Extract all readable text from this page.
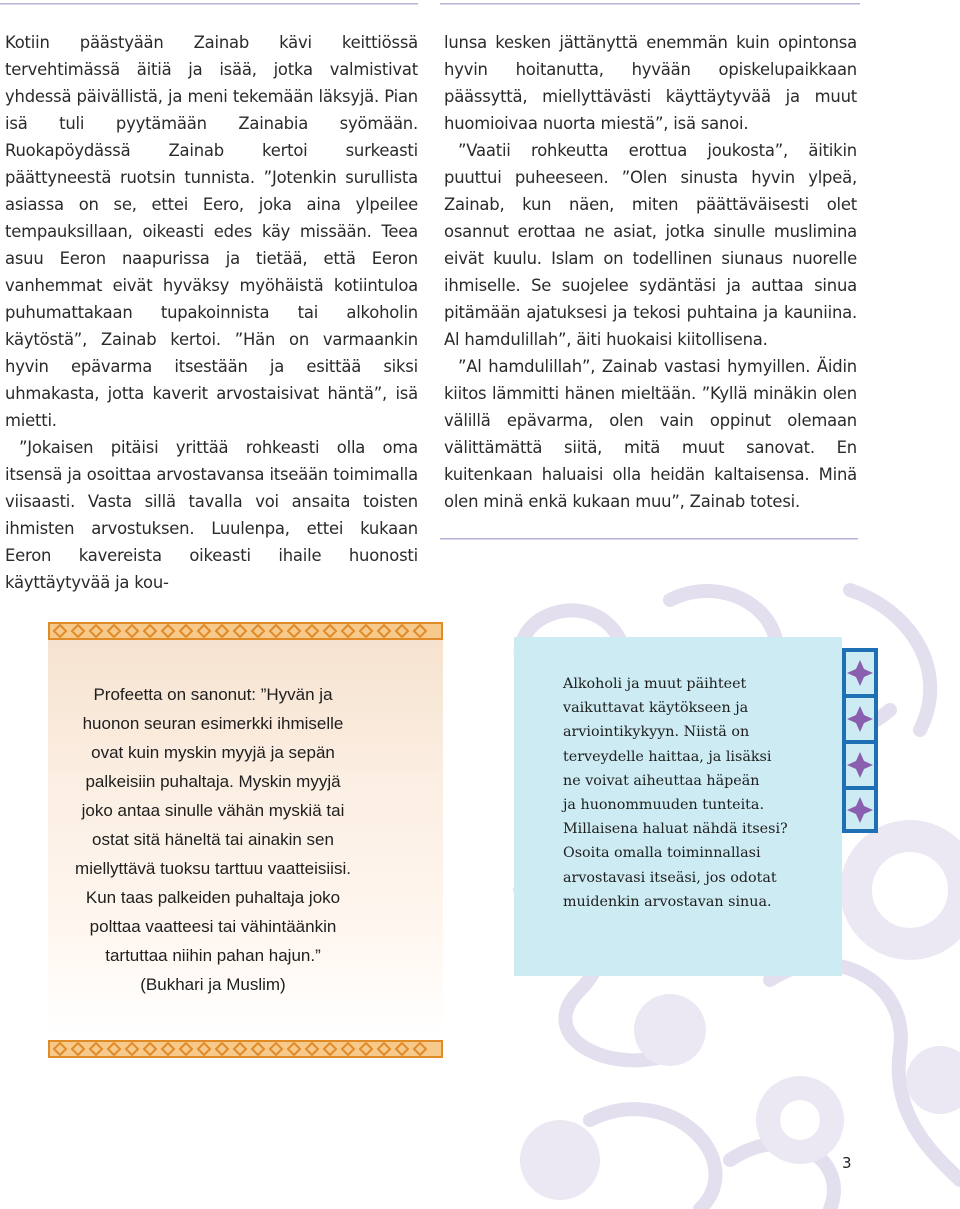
Kotiin päästyään Zainab kävi keittiössä tervehtimässä äitiä ja isää, jotka valmistivat yhdessä päivällistä, ja meni tekemään läksyjä. Pian isä tuli pyytämään Zainabia syömään. Ruokapöydässä Zainab kertoi surkeasti päättyneestä ruotsin tunnista. ”Jotenkin surullista asiassa on se, ettei Eero, joka aina ylpeilee tempauksillaan, oikeasti edes käy missään. Teea asuu Eeron naapurissa ja tietää, että Eeron vanhemmat eivät hyväksy myöhäistä kotiintuloa puhumattakaan tupakoinnista tai alkoholin käytöstä”, Zainab kertoi. ”Hän on varmaankin hyvin epävarma itsestään ja esittää siksi uhmakasta, jotta kaverit arvostaisivat häntä”, isä mietti.

”Jokaisen pitäisi yrittää rohkeasti olla oma itsensä ja osoittaa arvostavansa itseään toimimalla viisaasti. Vasta sillä tavalla voi ansaita toisten ihmisten arvostuksen. Luulenpa, ettei kukaan Eeron kavereista oikeasti ihaile huonosti käyttäytyvää ja kou-

lunsa kesken jättänyttä enemmän kuin opintonsa hyvin hoitanutta, hyvään opiskelupaikkaan päässyttä, miellyttävästi käyttäytyvää ja muut huomioivaa nuorta miestä”, isä sanoi.

”Vaatii rohkeutta erottua joukosta”, äitikin puuttui puheeseen. ”Olen sinusta hyvin ylpeä, Zainab, kun näen, miten päättäväisesti olet osannut erottaa ne asiat, jotka sinulle muslimina eivät kuulu. Islam on todellinen siunaus nuorelle ihmiselle. Se suojelee sydäntäsi ja auttaa sinua pitämään ajatuksesi ja tekosi puhtaina ja kauniina. Al hamdulillah”, äiti huokaisi kiitollisena.

”Al hamdulillah”, Zainab vastasi hymyillen. Äidin kiitos lämmitti hänen mieltään. ”Kyllä minäkin olen välillä epävarma, olen vain oppinut olemaan välittämättä siitä, mitä muut sanovat. En kuitenkaan haluaisi olla heidän kaltaisensa. Minä olen minä enkä kukaan muu”, Zainab totesi.

Profeetta on sanonut: ”Hyvän ja
huonon seuran esimerkki ihmiselle
ovat kuin myskin myyjä ja sepän
palkeisiin puhaltaja. Myskin myyjä
joko antaa sinulle vähän myskiä tai
ostat sitä häneltä tai ainakin sen
miellyttävä tuoksu tarttuu vaatteisiisi.
Kun taas palkeiden puhaltaja joko
polttaa vaatteesi tai vähintäänkin
tartuttaa niihin pahan hajun.”
(Bukhari ja Muslim)
Alkoholi ja muut päihteet
vaikuttavat käytökseen ja
arviointikykyyn. Niistä on
terveydelle haittaa, ja lisäksi
ne voivat aiheuttaa häpeän
ja huonommuuden tunteita.
Millaisena haluat nähdä itsesi?
Osoita omalla toiminnallasi
arvostavasi itseäsi, jos odotat
muidenkin arvostavan sinua.
3
